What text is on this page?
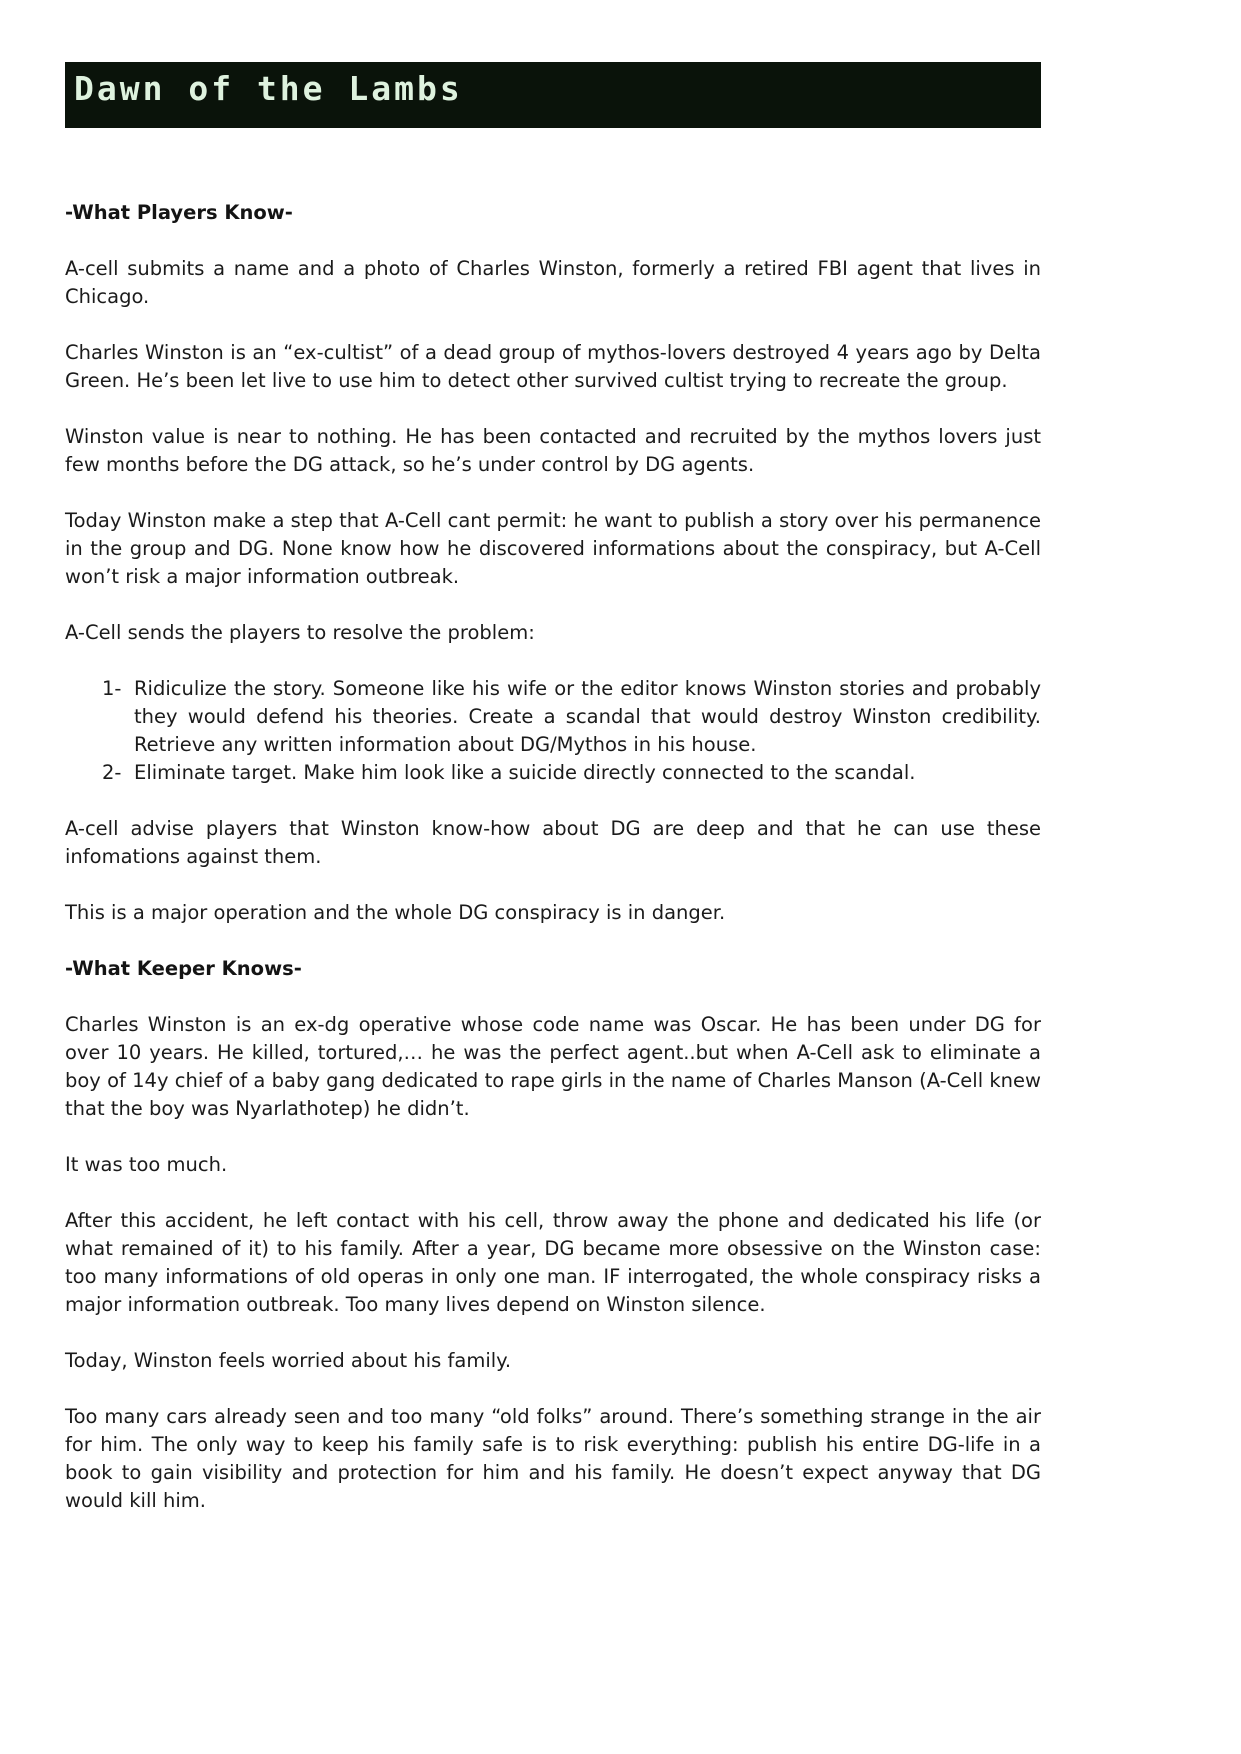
Dawn of the Lambs
-What Players Know-

A-cell submits a name and a photo of Charles Winston, formerly a retired FBI agent that lives in Chicago.

Charles Winston is an “ex-cultist” of a dead group of mythos-lovers destroyed 4 years ago by Delta Green. He’s been let live to use him to detect other survived cultist trying to recreate the group.

Winston value is near to nothing. He has been contacted and recruited by the mythos lovers just few months before the DG attack, so he’s under control by DG agents.

Today Winston make a step that A-Cell cant permit: he want to publish a story over his permanence in the group and DG. None know how he discovered informations about the conspiracy, but A-Cell won’t risk a major information outbreak.

A-Cell sends the players to resolve the problem:

1- Ridiculize the story. Someone like his wife or the editor knows Winston stories and probably they would defend his theories. Create a scandal that would destroy Winston credibility. Retrieve any written information about DG/Mythos in his house.
2- Eliminate target. Make him look like a suicide directly connected to the scandal.

A-cell advise players that Winston know-how about DG are deep and that he can use these infomations against them.

This is a major operation and the whole DG conspiracy is in danger.

-What Keeper Knows-

Charles Winston is an ex-dg operative whose code name was Oscar. He has been under DG for over 10 years. He killed, tortured,… he was the perfect agent..but when A-Cell ask to eliminate a boy of 14y chief of a baby gang dedicated to rape girls in the name of Charles Manson (A-Cell knew that the boy was Nyarlathotep) he didn’t.

It was too much.

After this accident, he left contact with his cell, throw away the phone and dedicated his life (or what remained of it) to his family. After a year, DG became more obsessive on the Winston case: too many informations of old operas in only one man. IF interrogated, the whole conspiracy risks a major information outbreak. Too many lives depend on Winston silence.

Today, Winston feels worried about his family.

Too many cars already seen and too many “old folks” around. There’s something strange in the air for him. The only way to keep his family safe is to risk everything: publish his entire DG-life in a book to gain visibility and protection for him and his family. He doesn’t expect anyway that DG would kill him.
